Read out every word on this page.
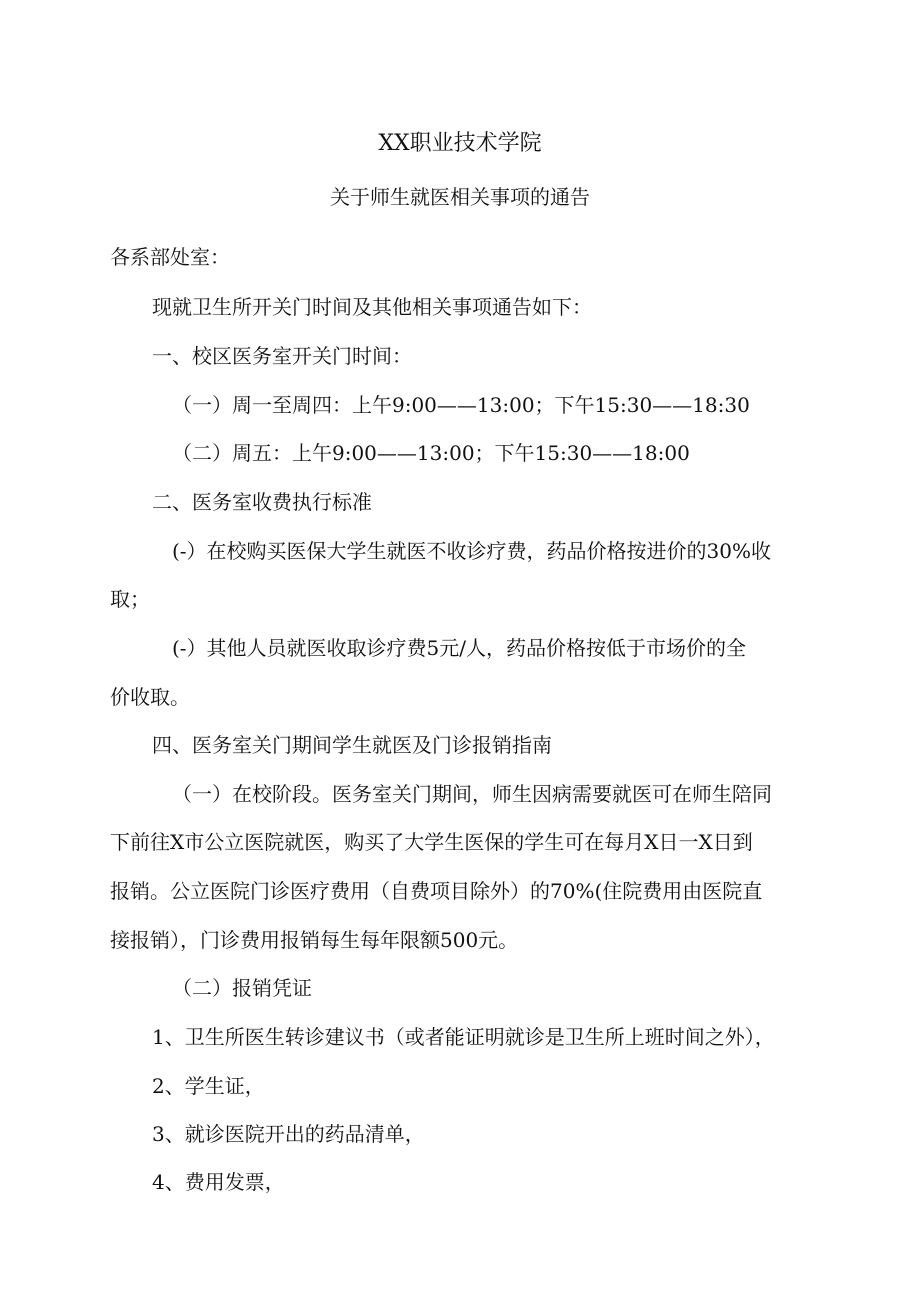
XX职业技术学院
关于师生就医相关事项的通告
各系部处室：
现就卫生所开关门时间及其他相关事项通告如下：
一、校区医务室开关门时间：
（一）周一至周四：上午9:00——13:00；下午15:30——18:30
（二）周五：上午9:00——13:00；下午15:30——18:00
二、医务室收费执行标准
(-）在校购买医保大学生就医不收诊疗费，药品价格按进价的30%收
取；
(-）其他人员就医收取诊疗费5元/人，药品价格按低于市场价的全
价收取。
四、医务室关门期间学生就医及门诊报销指南
（一）在校阶段。医务室关门期间，师生因病需要就医可在师生陪同
下前往X市公立医院就医，购买了大学生医保的学生可在每月X日一X日到
报销。公立医院门诊医疗费用（自费项目除外）的70%(住院费用由医院直
接报销），门诊费用报销每生每年限额500元。
（二）报销凭证
1、卫生所医生转诊建议书（或者能证明就诊是卫生所上班时间之外），
2、学生证，
3、就诊医院开出的药品清单，
4、费用发票，
